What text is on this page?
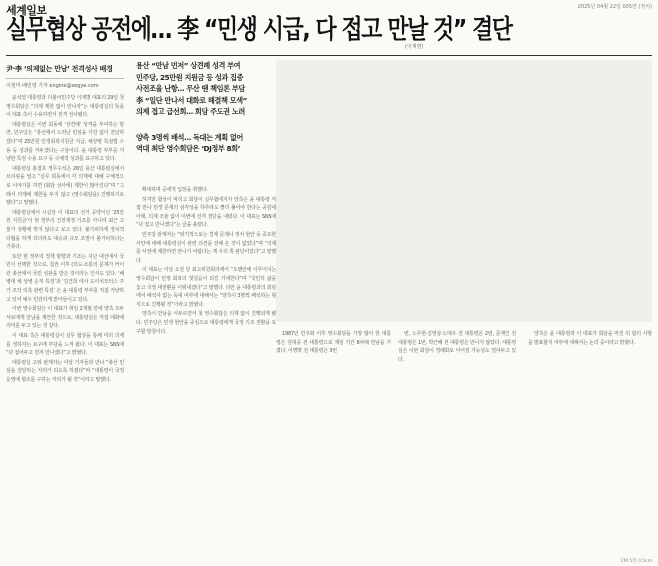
세계일보	2025년 04월 22일 005면 (정치)
실무협상 공전에… 李 “민생 시급, 다 접고 만날 것” 결단
(이재명)
尹·李 ‘의제없는 만남’ 전격성사 배경
이현미·배민영 기자 engine@segye.com

용산 “만남 먼저” 상견례 성격 부여

민주당, 25만원 지원금 등 성과 집중

사전조율 난항… 무산 땐 책임론 부담

李 “일단 만나서 대화로 해결책 모색”

의제 접고 급선회… 회담 주도권 노려

양측 3명씩 배석… 독대는 계획 없어

역대 최단 영수회담은 ‘DJ정부 8회’

윤석열 대통령과 더불어민주당 이재명 대표의 29일 첫 영수회담은 “의제 제한 없이 만나자”는 대통령실의 뜻을 이 대표 측이 수용하면서 전격 성사됐다.

대통령실은 이번 회동에 ‘상견례’ 성격을 부여하는 방면, 민주당은 “총선에서 드러난 민심을 가감 없이 전달하겠다”며 25만원 민생회복지원금 지급, 채상병 특검법 수용 등 성과를 거두겠다는 구상이다. 윤 대통령 부부를 겨냥한 특검 수용 요구 등 구체적 성과를 요구하고 있다.

대통령실 홍철호 정무수석은 26일 용산 대통령실에서 브리핑을 열고 “실무 회동에서 각 의제에 대해 구체적으로 이야기를 하면 (회담 성사에) 제한이 많아진다”며 “그래서 의제에 제한을 두지 않고 (영수회담을) 진행하기로 했다”고 말했다.

대통령실에서 시실상 이 대표의 선거 공약이던 ‘25만원 지원금’이 현 정부의 건전재정 기조를 아니라 최근 고물가 상황에 맞지 않다고 보고 있다. 불가피하게 정치적 타협을 하게 되더라도 대승과 규모 조절이 불가피하다는 기류다.

또한 현 정부의 정책 방향과 기조는 지난 대선에서 국민이 선택한 것으로, 집권 이후 (의도·소통의 문제가 커이런 총선에서 국민 심판을 받은 것이라는 인식도 있다. ‘해병대 채 상병 순직 특검’과 ‘김건희 여사 도이치모터스 주가 조작 의혹 관련 특검’ 은 윤 대통령 부부를 직접 겨냥하고 있어 예우 민감하게 받아들이고 있다.

이번 영수회담은 이 대표가 취임 2개월 만에 양측 모두 서로에게 만남을 제안한 것으로, 대통령실은 직접 대화에 의미를 두고 있는 것 같다.

이 대표 측은 대통령실이 실무 협상을 통해 미리 의제를 정하자는 요구에 부담을 느껴 왔다. 이 대표는 SNS에 “다 접어두고 먼저 만나겠다”고 밝혔다.

대통령실 고위 관계자는 이날 기자들과 만나 “총선 민심을 전달하는 자리가 되도록 하겠다”며 “대통령이 국정운영에 협조를 구하는 자리가 될 것”이라고 말했다.

확대하며 공세적 입장을 취했다.

하지만 협상이 막히고 회담이 실무협에지자 양측은 윤 대통령 직접 만나 민생 문제의 심각성을 하루라도 빨리 풀어야 한다는 공감대 아래, 의제 조율 없이 이번에 전격 결단을 내렸다. 이 대표는 SNS에 “다 접고 만나겠다”는 글을 올렸다.

민주당 관계자는 “위기적으로는 경제 문제나 정치 현안 등 중요한 사안에 대해 대통령실이 관련 의견을 전해 온 것이 없었다”며 “의제를 사전에 제한하면 만나기 어렵다는 게 우리 쪽 판단이었다”고 말했다.

이 대표는 이날 오전 당 최고위원회의에서 “오랜만에 이루어지는 영수회담이 민생 회복의 첫걸음이 되길 기대한다”며 “국민의 삶을 놓고 국정 대전환을 이뤄내겠다”고 말했다. 다만 윤 대통령과의 회담에서 배석자 없는 독대 여부에 대해서는 “양측이 3명씩 배석하는 형식으로 진행될 것”이라고 밝혔다.

양측이 만남을 서두르면서 첫 영수회담은 의제 없이 진행되게 됐다. 민주당은 민생 현안을 중심으로 대통령에게 국정 기조 전환을 요구할 방침이다.	1987년 민주화 이후 영수회담을 가장 많이 한 대통령은 김대중 전 대통령으로 재임 기간 8차례 만남을 가졌다. 이명박 전 대통령은 3번

번, 노무현·김영삼·노태우 전 대통령은 2번, 문재인 전 대통령은 1번, 박근혜 전 대통령은 만나지 않았다. 대통령실은 이번 회담이 정례화로 이어질 가능성도 열어두고 있다.

양측은 윤 대통령과 이 대표가 회담을 마친 뒤 합의 사항을 발표할지 여부에 대해서는 논의 중이라고 밝혔다.

CM 5면 0 5cm
